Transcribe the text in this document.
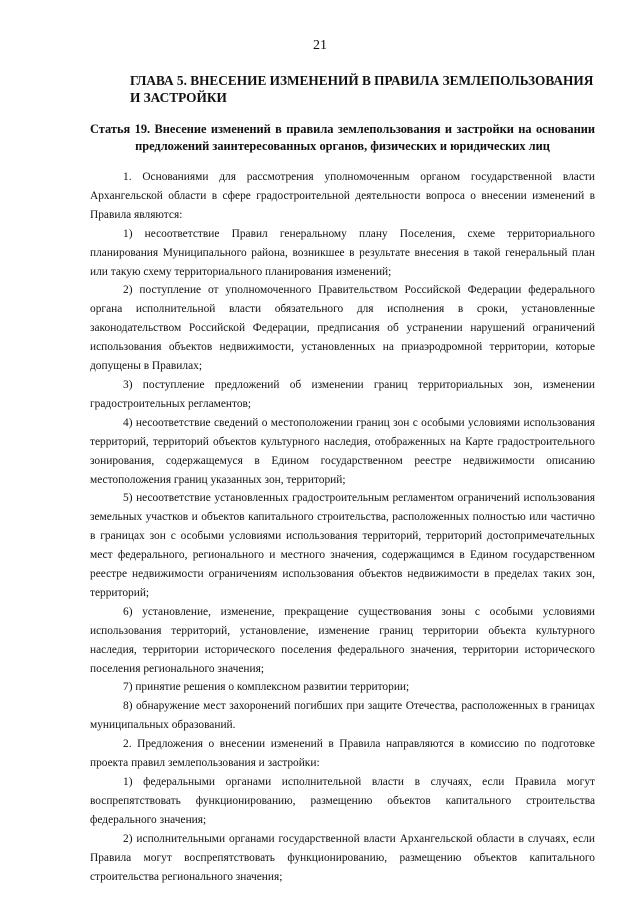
21
ГЛАВА 5. ВНЕСЕНИЕ ИЗМЕНЕНИЙ В ПРАВИЛА ЗЕМЛЕПОЛЬЗОВАНИЯ И ЗАСТРОЙКИ
Статья 19. Внесение изменений в правила землепользования и застройки на основании предложений заинтересованных органов, физических и юридических лиц

1. Основаниями для рассмотрения уполномоченным органом государственной власти Архангельской области в сфере градостроительной деятельности вопроса о внесении изменений в Правила являются:

1) несоответствие Правил генеральному плану Поселения, схеме территориального планирования Муниципального района, возникшее в результате внесения в такой генеральный план или такую схему территориального планирования изменений;

2) поступление от уполномоченного Правительством Российской Федерации федерального органа исполнительной власти обязательного для исполнения в сроки, установленные законодательством Российской Федерации, предписания об устранении нарушений ограничений использования объектов недвижимости, установленных на приаэродромной территории, которые допущены в Правилах;

3) поступление предложений об изменении границ территориальных зон, изменении градостроительных регламентов;

4) несоответствие сведений о местоположении границ зон с особыми условиями использования территорий, территорий объектов культурного наследия, отображенных на Карте градостроительного зонирования, содержащемуся в Едином государственном реестре недвижимости описанию местоположения границ указанных зон, территорий;

5) несоответствие установленных градостроительным регламентом ограничений использования земельных участков и объектов капитального строительства, расположенных полностью или частично в границах зон с особыми условиями использования территорий, территорий достопримечательных мест федерального, регионального и местного значения, содержащимся в Едином государственном реестре недвижимости ограничениям использования объектов недвижимости в пределах таких зон, территорий;

6) установление, изменение, прекращение существования зоны с особыми условиями использования территорий, установление, изменение границ территории объекта культурного наследия, территории исторического поселения федерального значения, территории исторического поселения регионального значения;

7) принятие решения о комплексном развитии территории;

8) обнаружение мест захоронений погибших при защите Отечества, расположенных в границах муниципальных образований.

2. Предложения о внесении изменений в Правила направляются в комиссию по подготовке проекта правил землепользования и застройки:

1) федеральными органами исполнительной власти в случаях, если Правила могут воспрепятствовать функционированию, размещению объектов капитального строительства федерального значения;

2) исполнительными органами государственной власти Архангельской области в случаях, если Правила могут воспрепятствовать функционированию, размещению объектов капитального строительства регионального значения;
